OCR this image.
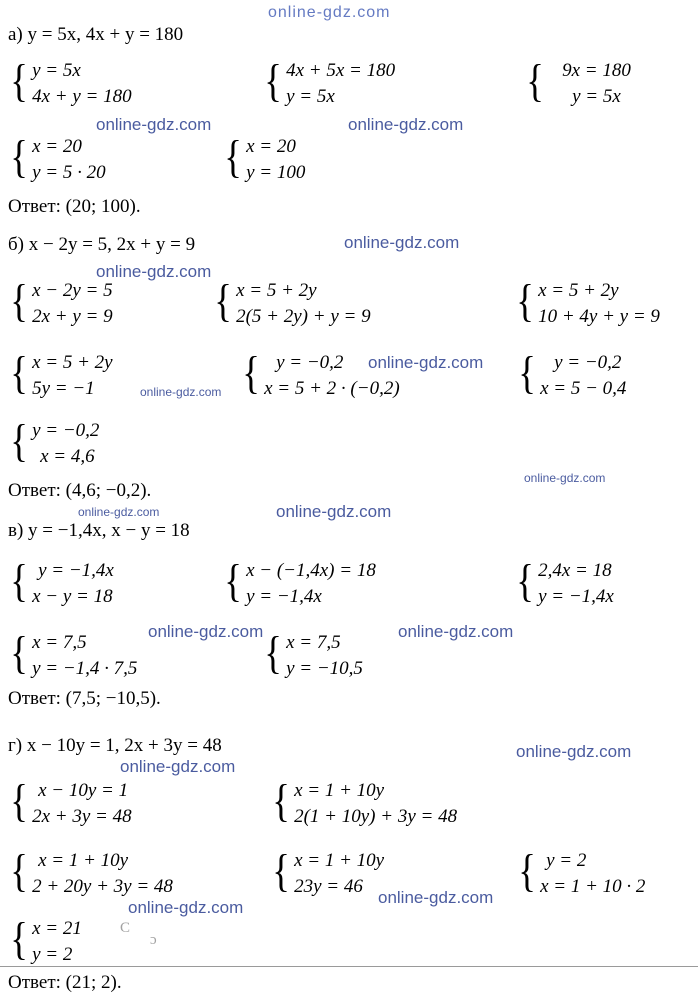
online-gdz.com
а) y = 5x, 4x + y = 180
б) x − 2y = 5, 2x + y = 9
в) y = −1,4x, x − y = 18
г) x − 10y = 1, 2x + 3y = 48
{ y = 5x
4x + y = 180	{ 4x + 5x = 180
y = 5x	{ 9x = 180
y = 5x
{ x = 20
y = 5 · 20	{ x = 20
y = 100
Ответ: (20; 100).
{ x − 2y = 5
2x + y = 9 { x = 5 + 2y
2(5 + 2y) + y = 9	{ x = 5 + 2y
10 + 4y + y = 9
{ x = 5 + 2y
5y = −1	{ y = −0,2
x = 5 + 2 · (−0,2)	{ y = −0,2
x = 5 − 0,4
{ y = −0,2
x = 4,6
Ответ: (4,6; −0,2).
{ y = −1,4x
x − y = 18 { x − (−1,4x) = 18
y = −1,4x	{ 2,4x = 18
y = −1,4x
{ x = 7,5
y = −1,4 · 7,5	{ x = 7,5
y = −10,5
Ответ: (7,5; −10,5).
{ x − 10y = 1
2x + 3y = 48	{ x = 1 + 10y
2(1 + 10y) + 3y = 48
{ x = 1 + 10y
2 + 20y + 3y = 48 { x = 1 + 10y
23y = 46	{ y = 2
x = 1 + 10 · 2
{ x = 21
y = 2
Ответ: (21; 2).
C
ɔ
online-gdz.com	online-gdz.com
online-gdz.com
online-gdz.com
online-gdz.com
online-gdz.com
online-gdz.com
online-gdz.com
online-gdz.com
online-gdz.com	online-gdz.com
online-gdz.com
online-gdz.com
online-gdz.com
online-gdz.com
